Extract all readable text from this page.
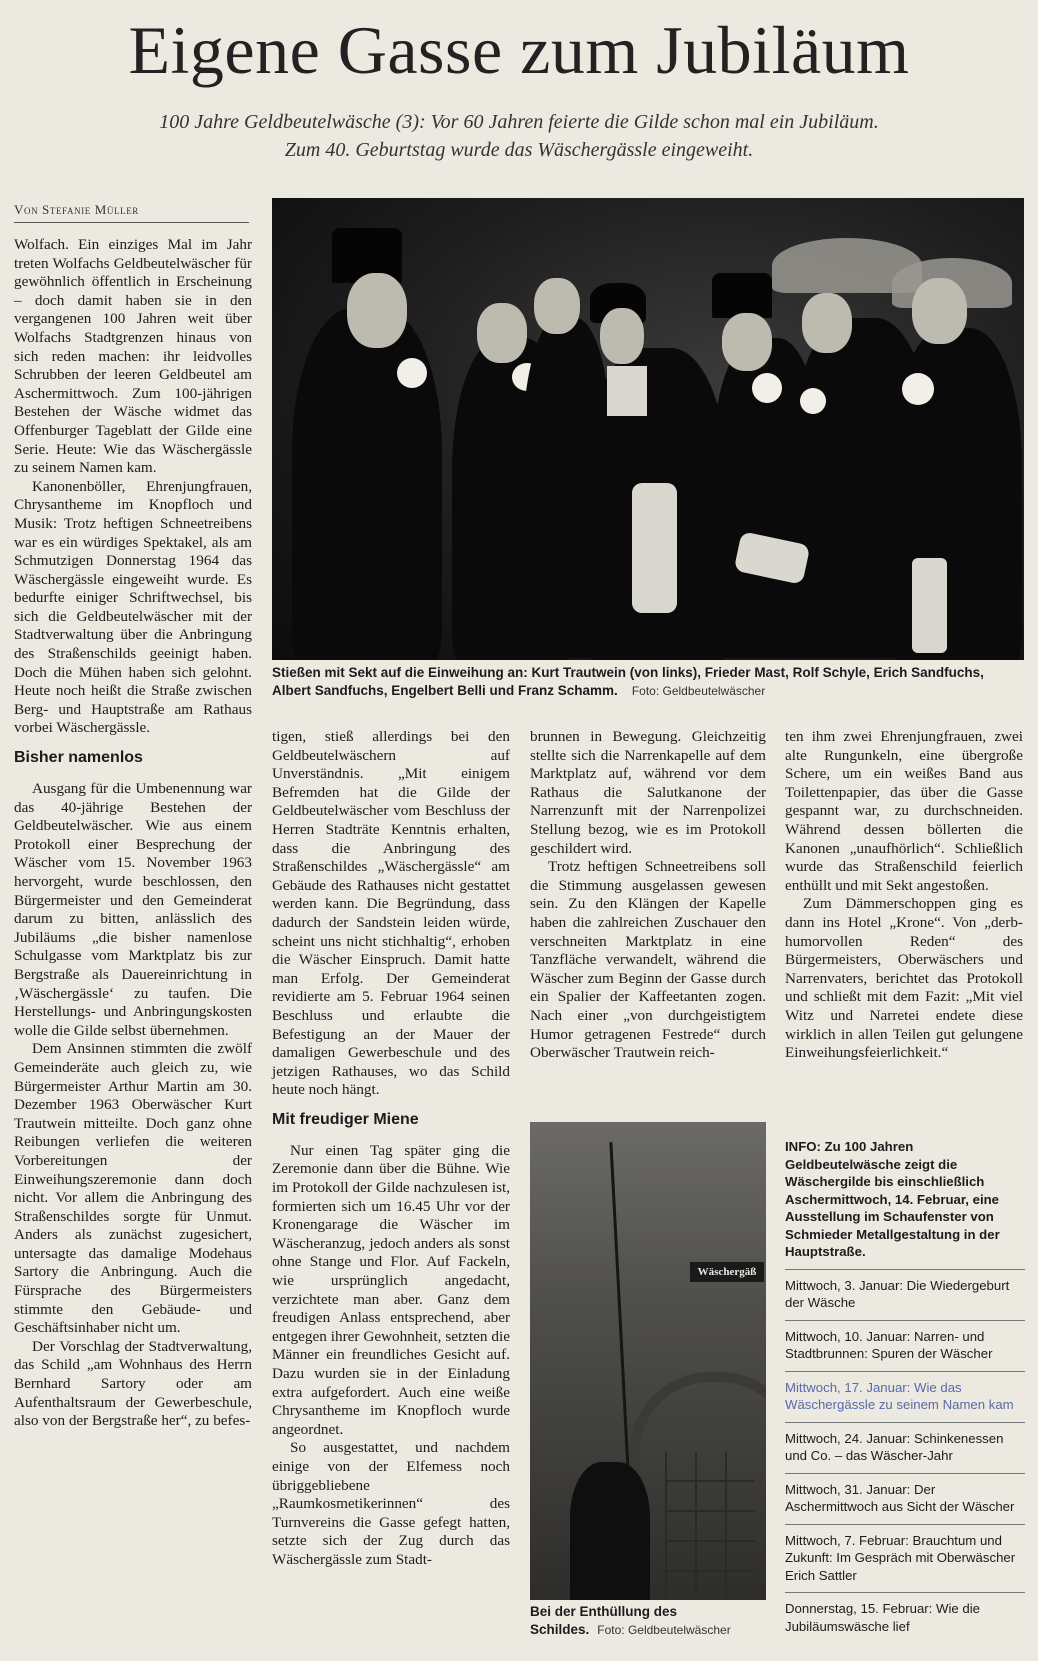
Eigene Gasse zum Jubiläum
100 Jahre Geldbeutelwäsche (3): Vor 60 Jahren feierte die Gilde schon mal ein Jubiläum.
Zum 40. Geburtstag wurde das Wäschergässle eingeweiht.
Von Stefanie Müller

Wolfach. Ein einziges Mal im Jahr treten Wolfachs Geldbeutelwäscher für gewöhnlich öffentlich in Erscheinung – doch damit haben sie in den vergangenen 100 Jahren weit über Wolfachs Stadtgrenzen hinaus von sich reden machen: ihr leidvolles Schrubben der leeren Geldbeutel am Aschermittwoch. Zum 100-jährigen Bestehen der Wäsche widmet das Offenburger Tageblatt der Gilde eine Serie. Heute: Wie das Wäschergässle zu seinem Namen kam.

Kanonenböller, Ehrenjungfrauen, Chrysantheme im Knopfloch und Musik: Trotz heftigen Schneetreibens war es ein würdiges Spektakel, als am Schmutzigen Donnerstag 1964 das Wäschergässle eingeweiht wurde. Es bedurfte einiger Schriftwechsel, bis sich die Geldbeutelwäscher mit der Stadtverwaltung über die Anbringung des Straßenschilds geeinigt haben. Doch die Mühen haben sich gelohnt. Heute noch heißt die Straße zwischen Berg- und Hauptstraße am Rathaus vorbei Wäschergässle.

Bisher namenlos

Ausgang für die Umbenennung war das 40-jährige Bestehen der Geldbeutelwäscher. Wie aus einem Protokoll einer Besprechung der Wäscher vom 15. November 1963 hervorgeht, wurde beschlossen, den Bürgermeister und den Gemeinderat darum zu bitten, anlässlich des Jubiläums „die bisher namenlose Schulgasse vom Marktplatz bis zur Bergstraße als Dauereinrichtung in ‚Wäschergässle‘ zu taufen. Die Herstellungs- und Anbringungskosten wolle die Gilde selbst übernehmen.

Dem Ansinnen stimmten die zwölf Gemeinderäte auch gleich zu, wie Bürgermeister Arthur Martin am 30. Dezember 1963 Oberwäscher Kurt Trautwein mitteilte. Doch ganz ohne Reibungen verliefen die weiteren Vorbereitungen der Einweihungszeremonie dann doch nicht. Vor allem die Anbringung des Straßenschildes sorgte für Unmut. Anders als zunächst zugesichert, untersagte das damalige Modehaus Sartory die Anbringung. Auch die Fürsprache des Bürgermeisters stimmte den Gebäude- und Geschäftsinhaber nicht um.

Der Vorschlag der Stadtverwaltung, das Schild „am Wohnhaus des Herrn Bernhard Sartory oder am Aufenthaltsraum der Gewerbeschule, also von der Bergstraße her“, zu befes-

Stießen mit Sekt auf die Einweihung an: Kurt Trautwein (von links), Frieder Mast, Rolf Schyle, Erich Sandfuchs, Albert Sandfuchs, Engelbert Belli und Franz Schamm. Foto: Geldbeutelwäscher

tigen, stieß allerdings bei den Geldbeutelwäschern auf Unverständnis. „Mit einigem Befremden hat die Gilde der Geldbeutelwäscher vom Beschluss der Herren Stadträte Kenntnis erhalten, dass die Anbringung des Straßenschildes „Wäschergässle“ am Gebäude des Rathauses nicht gestattet werden kann. Die Begründung, dass dadurch der Sandstein leiden würde, scheint uns nicht stichhaltig“, erhoben die Wäscher Einspruch. Damit hatte man Erfolg. Der Gemeinderat revidierte am 5. Februar 1964 seinen Beschluss und erlaubte die Befestigung an der Mauer der damaligen Gewerbeschule und des jetzigen Rathauses, wo das Schild heute noch hängt.

Mit freudiger Miene

Nur einen Tag später ging die Zeremonie dann über die Bühne. Wie im Protokoll der Gilde nachzulesen ist, formierten sich um 16.45 Uhr vor der Kronengarage die Wäscher im Wäscheranzug, jedoch anders als sonst ohne Stange und Flor. Auf Fackeln, wie ursprünglich angedacht, verzichtete man aber. Ganz dem freudigen Anlass entsprechend, aber entgegen ihrer Gewohnheit, setzten die Männer ein freundliches Gesicht auf. Dazu wurden sie in der Einladung extra aufgefordert. Auch eine weiße Chrysantheme im Knopfloch wurde angeordnet.

So ausgestattet, und nachdem einige von der Elfemess noch übriggebliebene „Raumkosmetikerinnen“ des Turnvereins die Gasse gefegt hatten, setzte sich der Zug durch das Wäschergässle zum Stadt-

brunnen in Bewegung. Gleichzeitig stellte sich die Narrenkapelle auf dem Marktplatz auf, während vor dem Rathaus die Salutkanone der Narrenzunft mit der Narrenpolizei Stellung bezog, wie es im Protokoll geschildert wird.

Trotz heftigen Schneetreibens soll die Stimmung ausgelassen gewesen sein. Zu den Klängen der Kapelle haben die zahlreichen Zuschauer den verschneiten Marktplatz in eine Tanzfläche verwandelt, während die Wäscher zum Beginn der Gasse durch ein Spalier der Kaffeetanten zogen. Nach einer „von durchgeistigtem Humor getragenen Festrede“ durch Oberwäscher Trautwein reich-

Wäschergäß
Bei der Enthüllung des Schildes. Foto: Geldbeutelwäscher

ten ihm zwei Ehrenjungfrauen, zwei alte Rungunkeln, eine übergroße Schere, um ein weißes Band aus Toilettenpapier, das über die Gasse gespannt war, zu durchschneiden. Während dessen böllerten die Kanonen „unaufhörlich“. Schließlich wurde das Straßenschild feierlich enthüllt und mit Sekt angestoßen.

Zum Dämmerschoppen ging es dann ins Hotel „Krone“. Von „derb-humorvollen Reden“ des Bürgermeisters, Oberwäschers und Narrenvaters, berichtet das Protokoll und schließt mit dem Fazit: „Mit viel Witz und Narretei endete diese wirklich in allen Teilen gut gelungene Einweihungsfeierlichkeit.“

INFO: Zu 100 Jahren Geldbeutelwäsche zeigt die Wäschergilde bis einschließlich Aschermittwoch, 14. Februar, eine Ausstellung im Schaufenster von Schmieder Metallgestaltung in der Hauptstraße.
Mittwoch, 3. Januar: Die Wiedergeburt der Wäsche
Mittwoch, 10. Januar: Narren- und Stadtbrunnen: Spuren der Wäscher
Mittwoch, 17. Januar: Wie das Wäschergässle zu seinem Namen kam
Mittwoch, 24. Januar: Schinkenessen und Co. – das Wäscher-Jahr
Mittwoch, 31. Januar: Der Aschermittwoch aus Sicht der Wäscher
Mittwoch, 7. Februar: Brauchtum und Zukunft: Im Gespräch mit Oberwäscher Erich Sattler
Donnerstag, 15. Februar: Wie die Jubiläumswäsche lief
